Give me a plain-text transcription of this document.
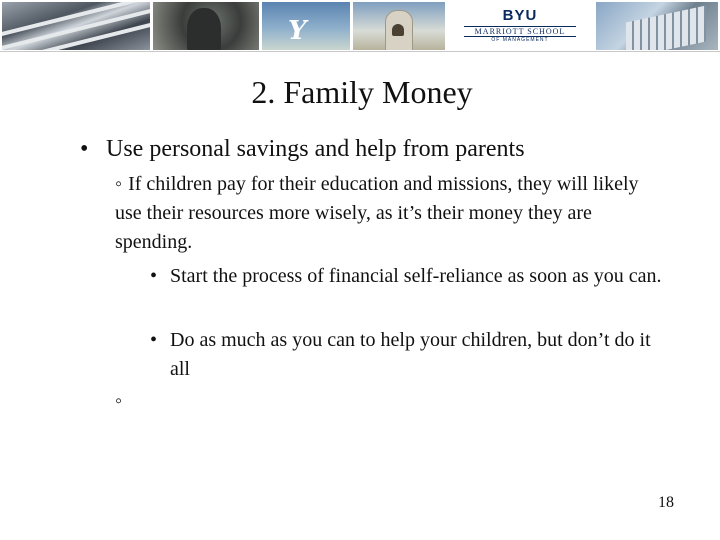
Y
BYU
MARRIOTT SCHOOL
OF MANAGEMENT
2. Family Money
• Use personal savings and help from parents
◦ If children pay for their education and missions, they will likely use their resources more wisely, as it’s their money they are spending.
• Start the process of financial self-reliance as soon as you can.
• Do as much as you can to help your children, but don’t do it all
◦
18
